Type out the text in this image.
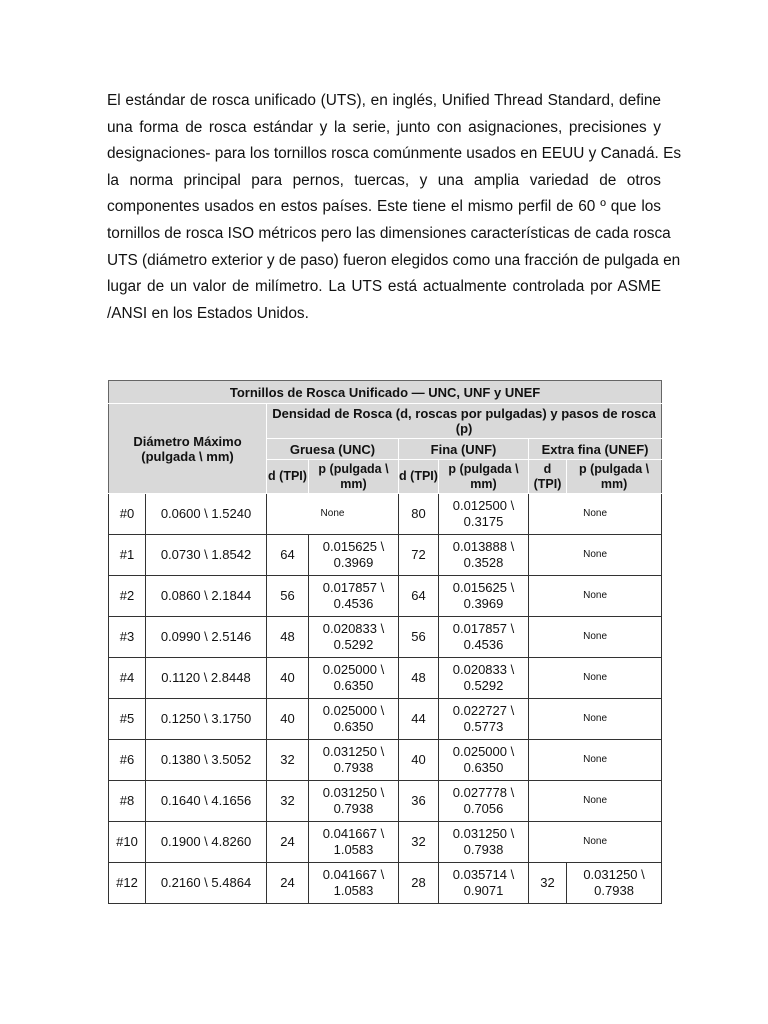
El estándar de rosca unificado (UTS), en inglés, Unified Thread Standard, define
una forma de rosca estándar y la serie, junto con asignaciones, precisiones y
designaciones- para los tornillos rosca comúnmente usados en EEUU y Canadá. Es
la norma principal para pernos, tuercas, y una amplia variedad de otros
componentes usados en estos países. Este tiene el mismo perfil de 60 º que los
tornillos de rosca ISO métricos pero las dimensiones características de cada rosca
UTS (diámetro exterior y de paso) fueron elegidos como una fracción de pulgada en
lugar de un valor de milímetro. La UTS está actualmente controlada por ASME
/ANSI en los Estados Unidos.
Tornillos de Rosca Unificado — UNC, UNF y UNEF							
Diámetro Máximo (pulgada \ mm)		Densidad de Rosca (d, roscas por pulgadas) y pasos de rosca (p)					
		Gruesa (UNC)		Fina (UNF)		Extra fina (UNEF)	
		d (TPI)	p (pulgada \ mm)	d (TPI)	p (pulgada \ mm)	d (TPI)	p (pulgada \ mm)
#0	0.0600 \ 1.5240	None		80	0.012500 \ 0.3175	None	
#1	0.0730 \ 1.8542	64	0.015625 \ 0.3969	72	0.013888 \ 0.3528	None	
#2	0.0860 \ 2.1844	56	0.017857 \ 0.4536	64	0.015625 \ 0.3969	None	
#3	0.0990 \ 2.5146	48	0.020833 \ 0.5292	56	0.017857 \ 0.4536	None	
#4	0.1120 \ 2.8448	40	0.025000 \ 0.6350	48	0.020833 \ 0.5292	None	
#5	0.1250 \ 3.1750	40	0.025000 \ 0.6350	44	0.022727 \ 0.5773	None	
#6	0.1380 \ 3.5052	32	0.031250 \ 0.7938	40	0.025000 \ 0.6350	None	
#8	0.1640 \ 4.1656	32	0.031250 \ 0.7938	36	0.027778 \ 0.7056	None	
#10	0.1900 \ 4.8260	24	0.041667 \ 1.0583	32	0.031250 \ 0.7938	None	
#12	0.2160 \ 5.4864	24	0.041667 \ 1.0583	28	0.035714 \ 0.9071	32	0.031250 \ 0.7938
